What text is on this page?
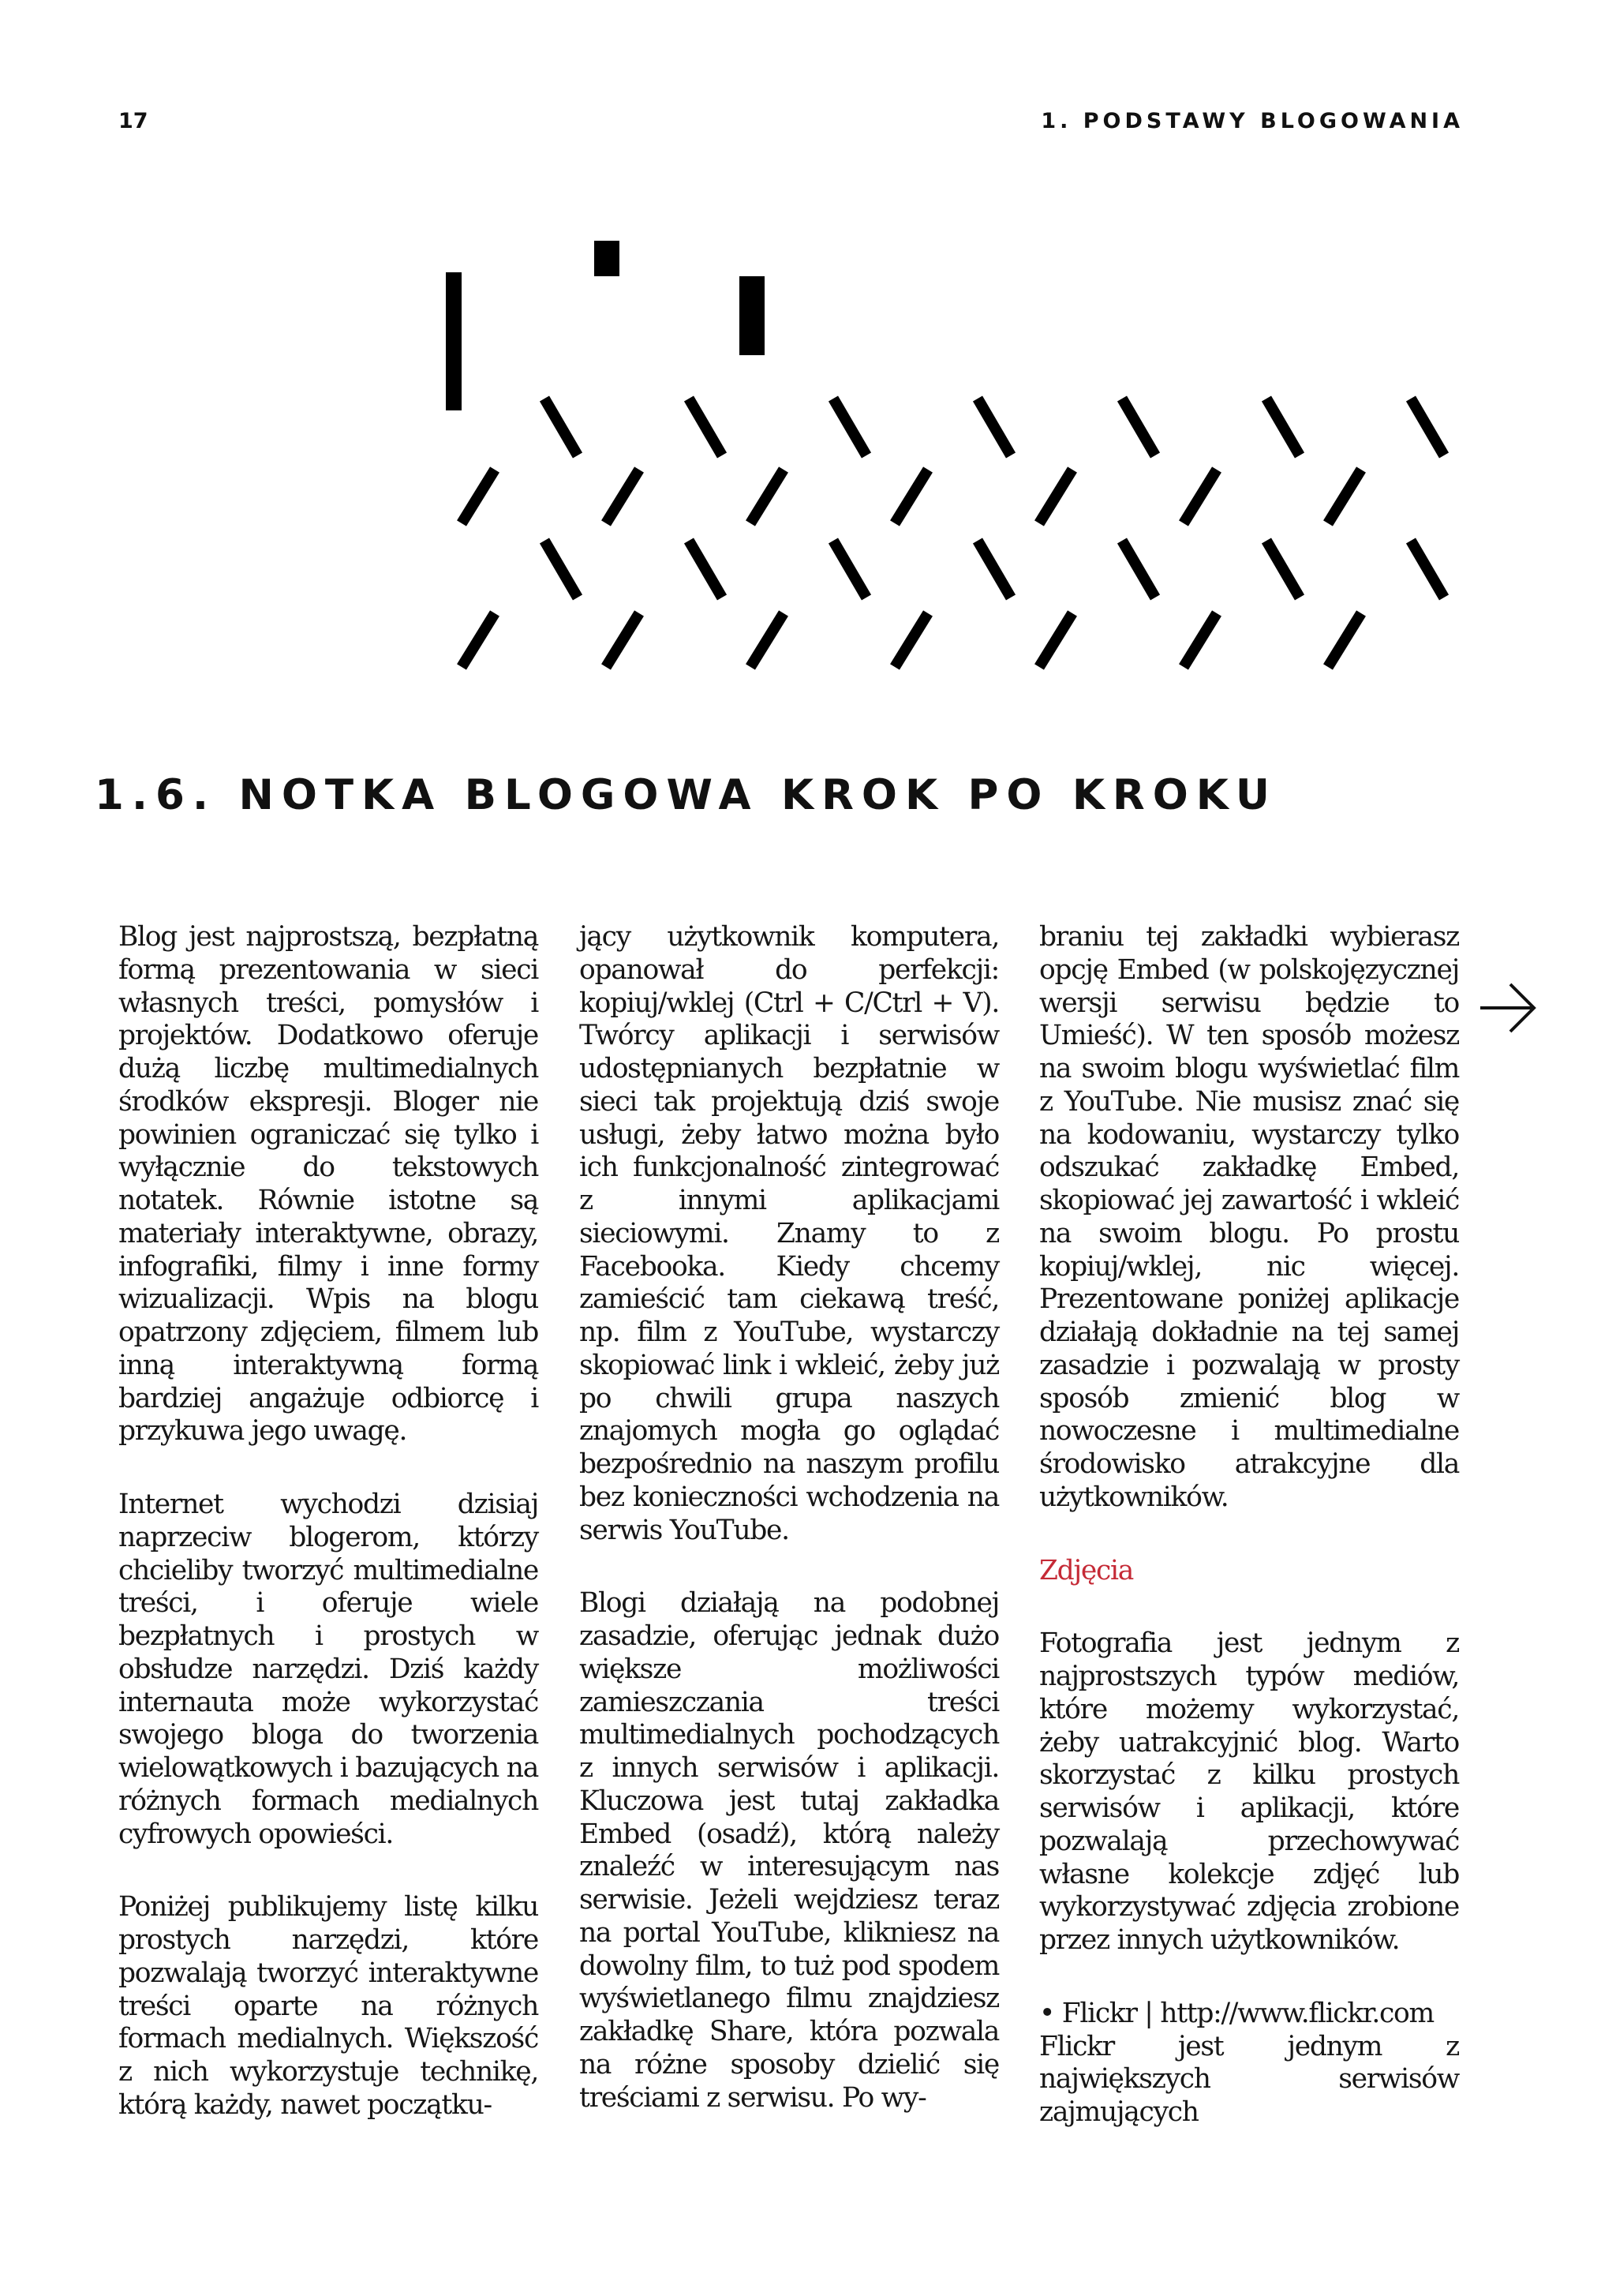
17	1. PODSTAWY BLOGOWANIA
1.6. NOTKA BLOGOWA KROK PO KROKU

Blog jest najprostszą, bezpłatną formą prezentowania w sieci własnych treści, pomysłów i projektów. Dodatkowo oferuje dużą liczbę multimedialnych środków ekspresji. Bloger nie powinien ograniczać się tylko i wyłącznie do tekstowych notatek. Równie istotne są materiały interaktywne, obrazy, infografiki, filmy i inne formy wizualizacji. Wpis na blogu opatrzony zdjęciem, filmem lub inną interaktywną formą bardziej angażuje odbiorcę i przykuwa jego uwagę.

Internet wychodzi dzisiaj naprzeciw blogerom, którzy chcieliby tworzyć multimedialne treści, i oferuje wiele bezpłatnych i prostych w obsłudze narzędzi. Dziś każdy internauta może wykorzystać swojego bloga do tworzenia wielowątkowych i bazujących na różnych formach medialnych cyfrowych opowieści.

Poniżej publikujemy listę kilku prostych narzędzi, które pozwalają tworzyć interaktywne treści oparte na różnych formach medialnych. Większość z nich wykorzystuje technikę, którą każdy, nawet początku-

jący użytkownik komputera, opanował do perfekcji: kopiuj/wklej (Ctrl + C/Ctrl + V). Twórcy aplikacji i serwisów udostępnianych bezpłatnie w sieci tak projektują dziś swoje usługi, żeby łatwo można było ich funkcjonalność zintegrować z innymi aplikacjami sieciowymi. Znamy to z Facebooka. Kiedy chcemy zamieścić tam ciekawą treść, np. film z YouTube, wystarczy skopiować link i wkleić, żeby już po chwili grupa naszych znajomych mogła go oglądać bezpośrednio na naszym profilu bez konieczności wchodzenia na serwis YouTube.

Blogi działają na podobnej zasadzie, oferując jednak dużo większe możliwości zamieszczania treści multimedialnych pochodzących z innych serwisów i aplikacji. Kluczowa jest tutaj zakładka Embed (osadź), którą należy znaleźć w interesującym nas serwisie. Jeżeli wejdziesz teraz na portal YouTube, klikniesz na dowolny film, to tuż pod spodem wyświetlanego filmu znajdziesz zakładkę Share, która pozwala na różne sposoby dzielić się treściami z serwisu. Po wy-

braniu tej zakładki wybierasz opcję Embed (w polskojęzycznej wersji serwisu będzie to Umieść). W ten sposób możesz na swoim blogu wyświetlać film z YouTube. Nie musisz znać się na kodowaniu, wystarczy tylko odszukać zakładkę Embed, skopiować jej zawartość i wkleić na swoim blogu. Po prostu kopiuj/wklej, nic więcej. Prezentowane poniżej aplikacje działają dokładnie na tej samej zasadzie i pozwalają w prosty sposób zmienić blog w nowoczesne i multimedialne środowisko atrakcyjne dla użytkowników.

Zdjęcia

Fotografia jest jednym z najprostszych typów mediów, które możemy wykorzystać, żeby uatrakcyjnić blog. Warto skorzystać z kilku prostych serwisów i aplikacji, które pozwalają przechowywać własne kolekcje zdjęć lub wykorzystywać zdjęcia zrobione przez innych użytkowników.

• Flickr | http://www.flickr.com

Flickr jest jednym z największych serwisów zajmujących
